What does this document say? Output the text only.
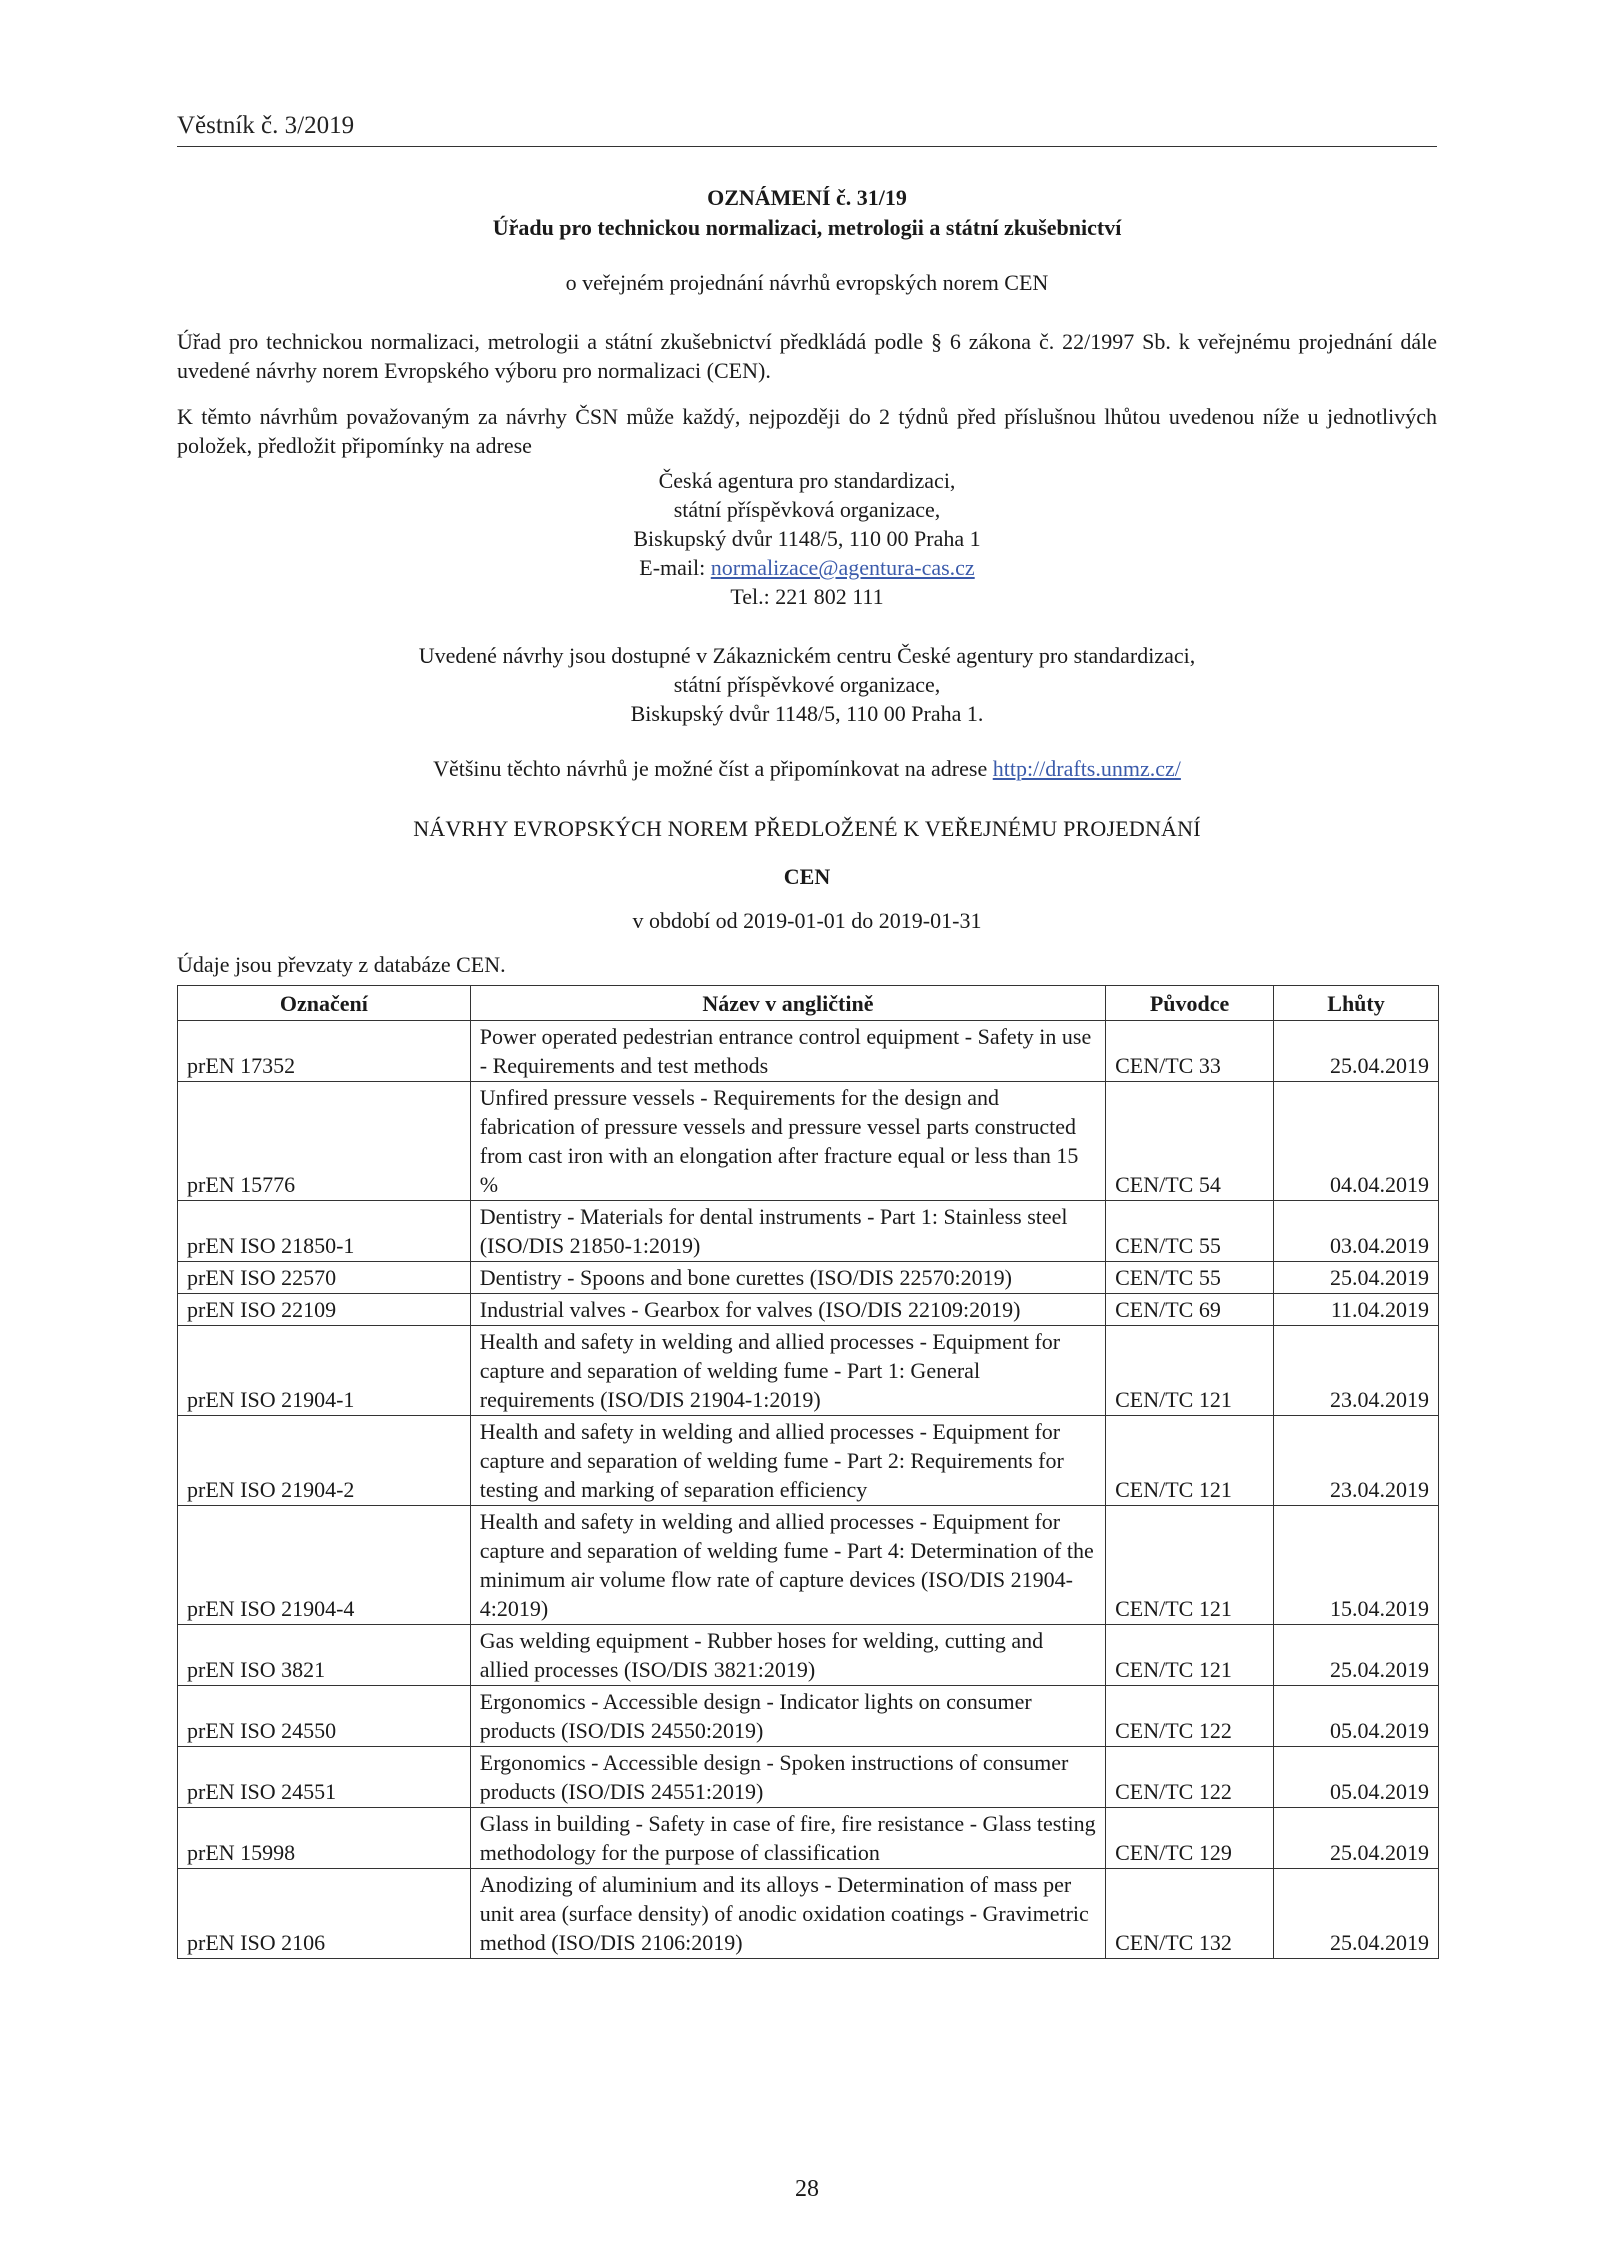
Věstník č. 3/2019
OZNÁMENÍ č. 31/19
Úřadu pro technickou normalizaci, metrologii a státní zkušebnictví
o veřejném projednání návrhů evropských norem CEN
Úřad pro technickou normalizaci, metrologii a státní zkušebnictví předkládá podle § 6 zákona č. 22/1997 Sb. k veřejnému projednání dále uvedené návrhy norem Evropského výboru pro normalizaci (CEN).
K těmto návrhům považovaným za návrhy ČSN může každý, nejpozději do 2 týdnů před příslušnou lhůtou uvedenou níže u jednotlivých položek, předložit připomínky na adrese
Česká agentura pro standardizaci,
státní příspěvková organizace,
Biskupský dvůr 1148/5, 110 00 Praha 1
E-mail: normalizace@agentura-cas.cz
Tel.: 221 802 111
Uvedené návrhy jsou dostupné v Zákaznickém centru České agentury pro standardizaci,
státní příspěvkové organizace,
Biskupský dvůr 1148/5, 110 00 Praha 1.
Většinu těchto návrhů je možné číst a připomínkovat na adrese http://drafts.unmz.cz/
NÁVRHY EVROPSKÝCH NOREM PŘEDLOŽENÉ K VEŘEJNÉMU PROJEDNÁNÍ
CEN
v období od 2019-01-01 do 2019-01-31
Údaje jsou převzaty z databáze CEN.
Označení	Název v angličtině	Původce	Lhůty
prEN 17352	Power operated pedestrian entrance control equipment - Safety in use - Requirements and test methods	CEN/TC 33	25.04.2019
prEN 15776	Unfired pressure vessels - Requirements for the design and fabrication of pressure vessels and pressure vessel parts constructed from cast iron with an elongation after fracture equal or less than 15 %	CEN/TC 54	04.04.2019
prEN ISO 21850-1	Dentistry - Materials for dental instruments - Part 1: Stainless steel (ISO/DIS 21850-1:2019)	CEN/TC 55	03.04.2019
prEN ISO 22570	Dentistry - Spoons and bone curettes (ISO/DIS 22570:2019)	CEN/TC 55	25.04.2019
prEN ISO 22109	Industrial valves - Gearbox for valves (ISO/DIS 22109:2019)	CEN/TC 69	11.04.2019
prEN ISO 21904-1	Health and safety in welding and allied processes - Equipment for capture and separation of welding fume - Part 1: General requirements (ISO/DIS 21904-1:2019)	CEN/TC 121	23.04.2019
prEN ISO 21904-2	Health and safety in welding and allied processes - Equipment for capture and separation of welding fume - Part 2: Requirements for testing and marking of separation efficiency	CEN/TC 121	23.04.2019
prEN ISO 21904-4	Health and safety in welding and allied processes - Equipment for capture and separation of welding fume - Part 4: Determination of the minimum air volume flow rate of capture devices (ISO/DIS 21904-4:2019)	CEN/TC 121	15.04.2019
prEN ISO 3821	Gas welding equipment - Rubber hoses for welding, cutting and allied processes (ISO/DIS 3821:2019)	CEN/TC 121	25.04.2019
prEN ISO 24550	Ergonomics - Accessible design - Indicator lights on consumer products (ISO/DIS 24550:2019)	CEN/TC 122	05.04.2019
prEN ISO 24551	Ergonomics - Accessible design - Spoken instructions of consumer products (ISO/DIS 24551:2019)	CEN/TC 122	05.04.2019
prEN 15998	Glass in building - Safety in case of fire, fire resistance - Glass testing methodology for the purpose of classification	CEN/TC 129	25.04.2019
prEN ISO 2106	Anodizing of aluminium and its alloys - Determination of mass per unit area (surface density) of anodic oxidation coatings - Gravimetric method (ISO/DIS 2106:2019)	CEN/TC 132	25.04.2019
28
